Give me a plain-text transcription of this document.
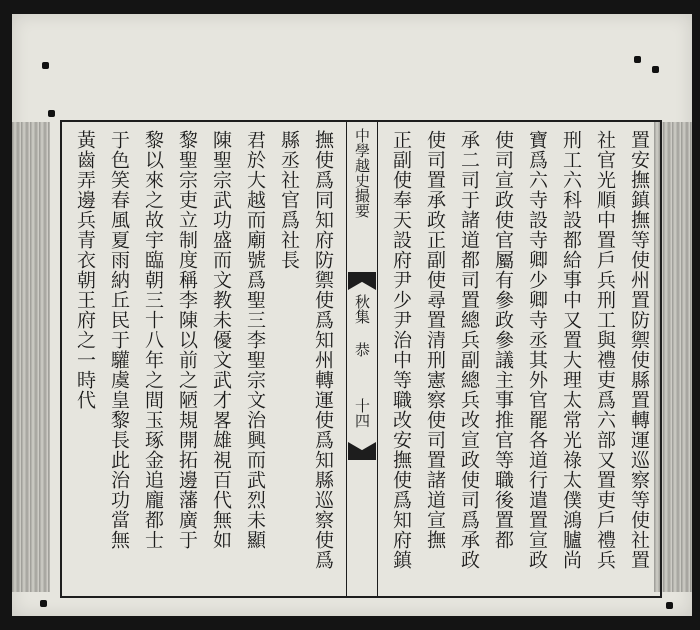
置安撫鎮撫等使州置防禦使縣置轉運巡察等使社置
社官光順中置戶兵刑工與禮吏爲六部又置吏戶禮兵
刑工六科設都給事中又置大理太常光祿太僕鴻臚尚
寶爲六寺設寺卿少卿寺丞其外官罷各道行遣置宣政
使司宣政使官屬有參政參議主事推官等職後置都
承二司于諸道都司置總兵副總兵改宣政使司爲承政
使司置承政正副使尋置清刑憲察使司置諸道宣撫
正副使奉天設府尹少尹治中等職改安撫使爲知府鎮
中學越史撮要
秋集 恭
十四
撫使爲同知府防禦使爲知州轉運使爲知縣巡察使爲
縣丞社官爲社長
君於大越而廟號爲聖三李聖宗文治興而武烈未顯
陳聖宗武功盛而文教未優文武才畧雄視百代無如
黎聖宗吏立制度稱李陳以前之陋規開拓邊藩廣于
黎以來之故宇臨朝三十八年之間玉琢金追龐都士
于色笑春風夏雨納丘民于驩虞皇黎長此治功當無
黃齒弄邊兵青衣朝王府之一時代
